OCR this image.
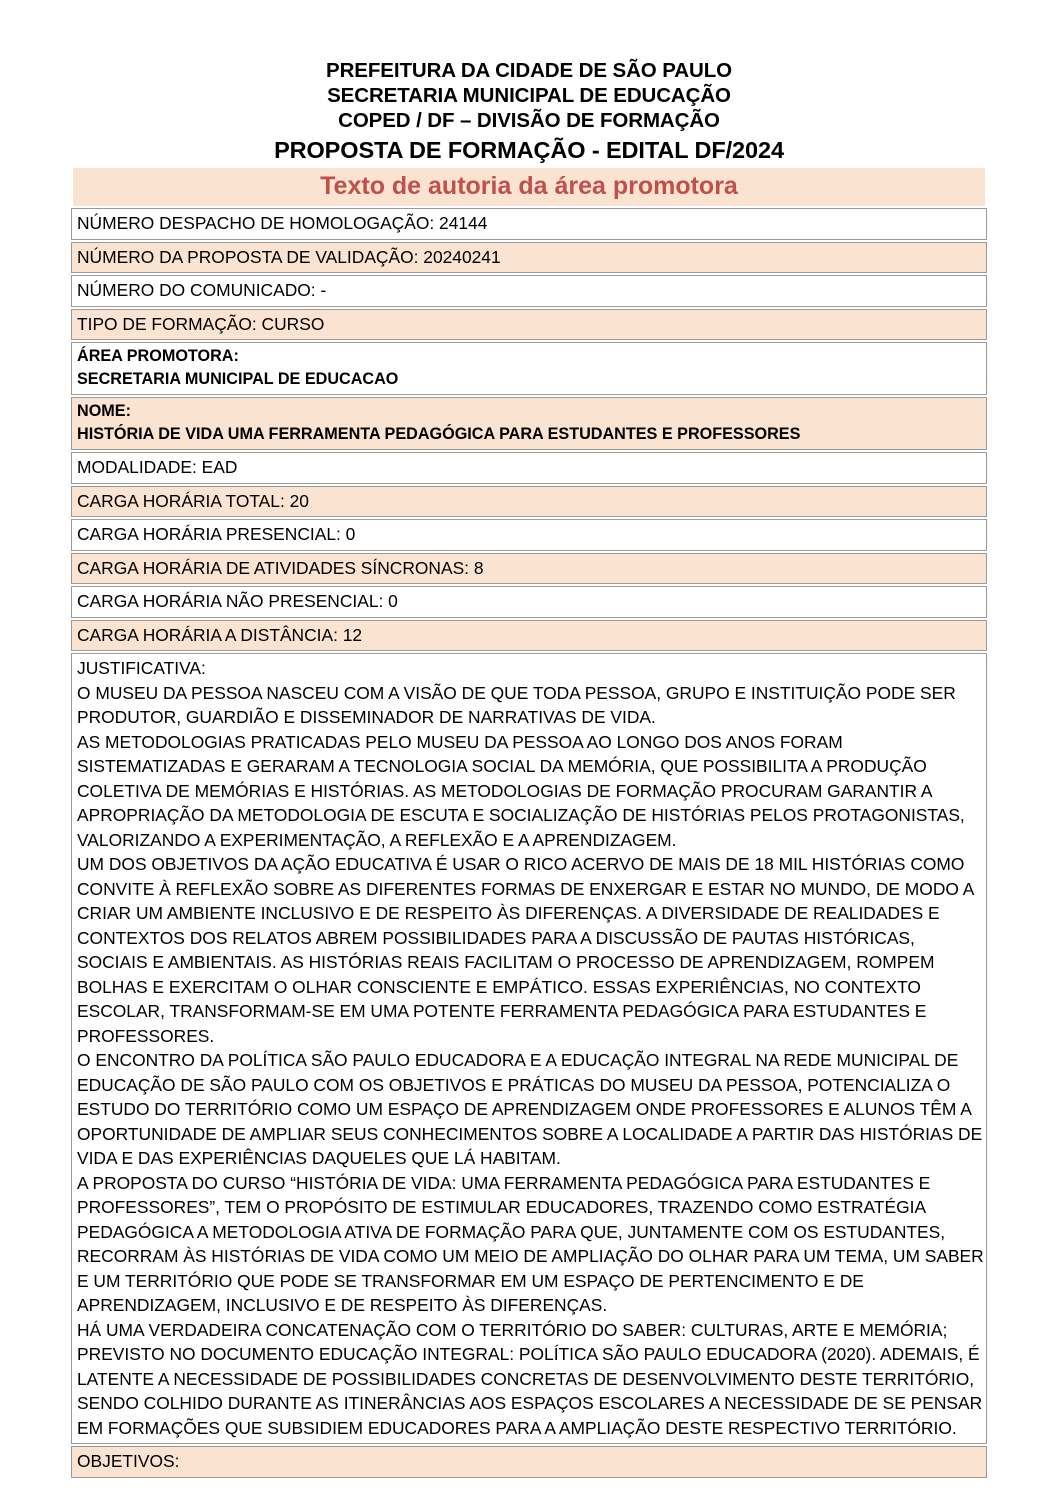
PREFEITURA DA CIDADE DE SÃO PAULO
SECRETARIA MUNICIPAL DE EDUCAÇÃO
COPED / DF – DIVISÃO DE FORMAÇÃO
PROPOSTA DE FORMAÇÃO - EDITAL DF/2024
Texto de autoria da área promotora
NÚMERO DESPACHO DE HOMOLOGAÇÃO: 24144
NÚMERO DA PROPOSTA DE VALIDAÇÃO: 20240241
NÚMERO DO COMUNICADO: -
TIPO DE FORMAÇÃO: CURSO

ÁREA PROMOTORA:
SECRETARIA MUNICIPAL DE EDUCACAO

NOME:
HISTÓRIA DE VIDA UMA FERRAMENTA PEDAGÓGICA PARA ESTUDANTES E PROFESSORES

MODALIDADE: EAD
CARGA HORÁRIA TOTAL: 20
CARGA HORÁRIA PRESENCIAL: 0
CARGA HORÁRIA DE ATIVIDADES SÍNCRONAS: 8
CARGA HORÁRIA NÃO PRESENCIAL: 0
CARGA HORÁRIA A DISTÂNCIA: 12

JUSTIFICATIVA:
O MUSEU DA PESSOA NASCEU COM A VISÃO DE QUE TODA PESSOA, GRUPO E INSTITUIÇÃO PODE SER PRODUTOR, GUARDIÃO E DISSEMINADOR DE NARRATIVAS DE VIDA.
AS METODOLOGIAS PRATICADAS PELO MUSEU DA PESSOA AO LONGO DOS ANOS FORAM SISTEMATIZADAS E GERARAM A TECNOLOGIA SOCIAL DA MEMÓRIA, QUE POSSIBILITA A PRODUÇÃO COLETIVA DE MEMÓRIAS E HISTÓRIAS. AS METODOLOGIAS DE FORMAÇÃO PROCURAM GARANTIR A APROPRIAÇÃO DA METODOLOGIA DE ESCUTA E SOCIALIZAÇÃO DE HISTÓRIAS PELOS PROTAGONISTAS, VALORIZANDO A EXPERIMENTAÇÃO, A REFLEXÃO E A APRENDIZAGEM.
UM DOS OBJETIVOS DA AÇÃO EDUCATIVA É USAR O RICO ACERVO DE MAIS DE 18 MIL HISTÓRIAS COMO CONVITE À REFLEXÃO SOBRE AS DIFERENTES FORMAS DE ENXERGAR E ESTAR NO MUNDO, DE MODO A CRIAR UM AMBIENTE INCLUSIVO E DE RESPEITO ÀS DIFERENÇAS. A DIVERSIDADE DE REALIDADES E CONTEXTOS DOS RELATOS ABREM POSSIBILIDADES PARA A DISCUSSÃO DE PAUTAS HISTÓRICAS, SOCIAIS E AMBIENTAIS. AS HISTÓRIAS REAIS FACILITAM O PROCESSO DE APRENDIZAGEM, ROMPEM BOLHAS E EXERCITAM O OLHAR CONSCIENTE E EMPÁTICO. ESSAS EXPERIÊNCIAS, NO CONTEXTO ESCOLAR, TRANSFORMAM-SE EM UMA POTENTE FERRAMENTA PEDAGÓGICA PARA ESTUDANTES E PROFESSORES.
O ENCONTRO DA POLÍTICA SÃO PAULO EDUCADORA E A EDUCAÇÃO INTEGRAL NA REDE MUNICIPAL DE EDUCAÇÃO DE SÃO PAULO COM OS OBJETIVOS E PRÁTICAS DO MUSEU DA PESSOA, POTENCIALIZA O ESTUDO DO TERRITÓRIO COMO UM ESPAÇO DE APRENDIZAGEM ONDE PROFESSORES E ALUNOS TÊM A OPORTUNIDADE DE AMPLIAR SEUS CONHECIMENTOS SOBRE A LOCALIDADE A PARTIR DAS HISTÓRIAS DE VIDA E DAS EXPERIÊNCIAS DAQUELES QUE LÁ HABITAM.
A PROPOSTA DO CURSO “HISTÓRIA DE VIDA: UMA FERRAMENTA PEDAGÓGICA PARA ESTUDANTES E PROFESSORES”, TEM O PROPÓSITO DE ESTIMULAR EDUCADORES, TRAZENDO COMO ESTRATÉGIA PEDAGÓGICA A METODOLOGIA ATIVA DE FORMAÇÃO PARA QUE, JUNTAMENTE COM OS ESTUDANTES, RECORRAM ÀS HISTÓRIAS DE VIDA COMO UM MEIO DE AMPLIAÇÃO DO OLHAR PARA UM TEMA, UM SABER E UM TERRITÓRIO QUE PODE SE TRANSFORMAR EM UM ESPAÇO DE PERTENCIMENTO E DE APRENDIZAGEM, INCLUSIVO E DE RESPEITO ÀS DIFERENÇAS.
HÁ UMA VERDADEIRA CONCATENAÇÃO COM O TERRITÓRIO DO SABER: CULTURAS, ARTE E MEMÓRIA; PREVISTO NO DOCUMENTO EDUCAÇÃO INTEGRAL: POLÍTICA SÃO PAULO EDUCADORA (2020). ADEMAIS, É LATENTE A NECESSIDADE DE POSSIBILIDADES CONCRETAS DE DESENVOLVIMENTO DESTE TERRITÓRIO, SENDO COLHIDO DURANTE AS ITINERÂNCIAS AOS ESPAÇOS ESCOLARES A NECESSIDADE DE SE PENSAR EM FORMAÇÕES QUE SUBSIDIEM EDUCADORES PARA A AMPLIAÇÃO DESTE RESPECTIVO TERRITÓRIO.

OBJETIVOS:
